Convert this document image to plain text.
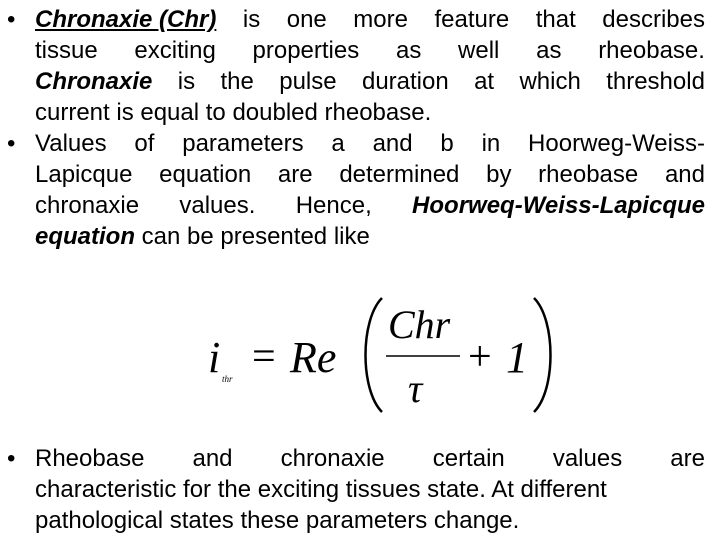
• Chronaxie (Chr) is one more feature that describes
tissue exciting properties as well as rheobase.
Chronaxie is the pulse duration at which threshold
current is equal to doubled rheobase.
• Values of parameters a and b in Hoorweg-Weiss-
Lapicque equation are determined by rheobase and
chronaxie values. Hence, Hoorweq-Weiss-Lapicque
equation can be presented like
i thr = Re
Chr
τ
+ 1
• Rheobase and chronaxie certain values are
characteristic for the exciting tissues state. At different
pathological states these parameters change.
